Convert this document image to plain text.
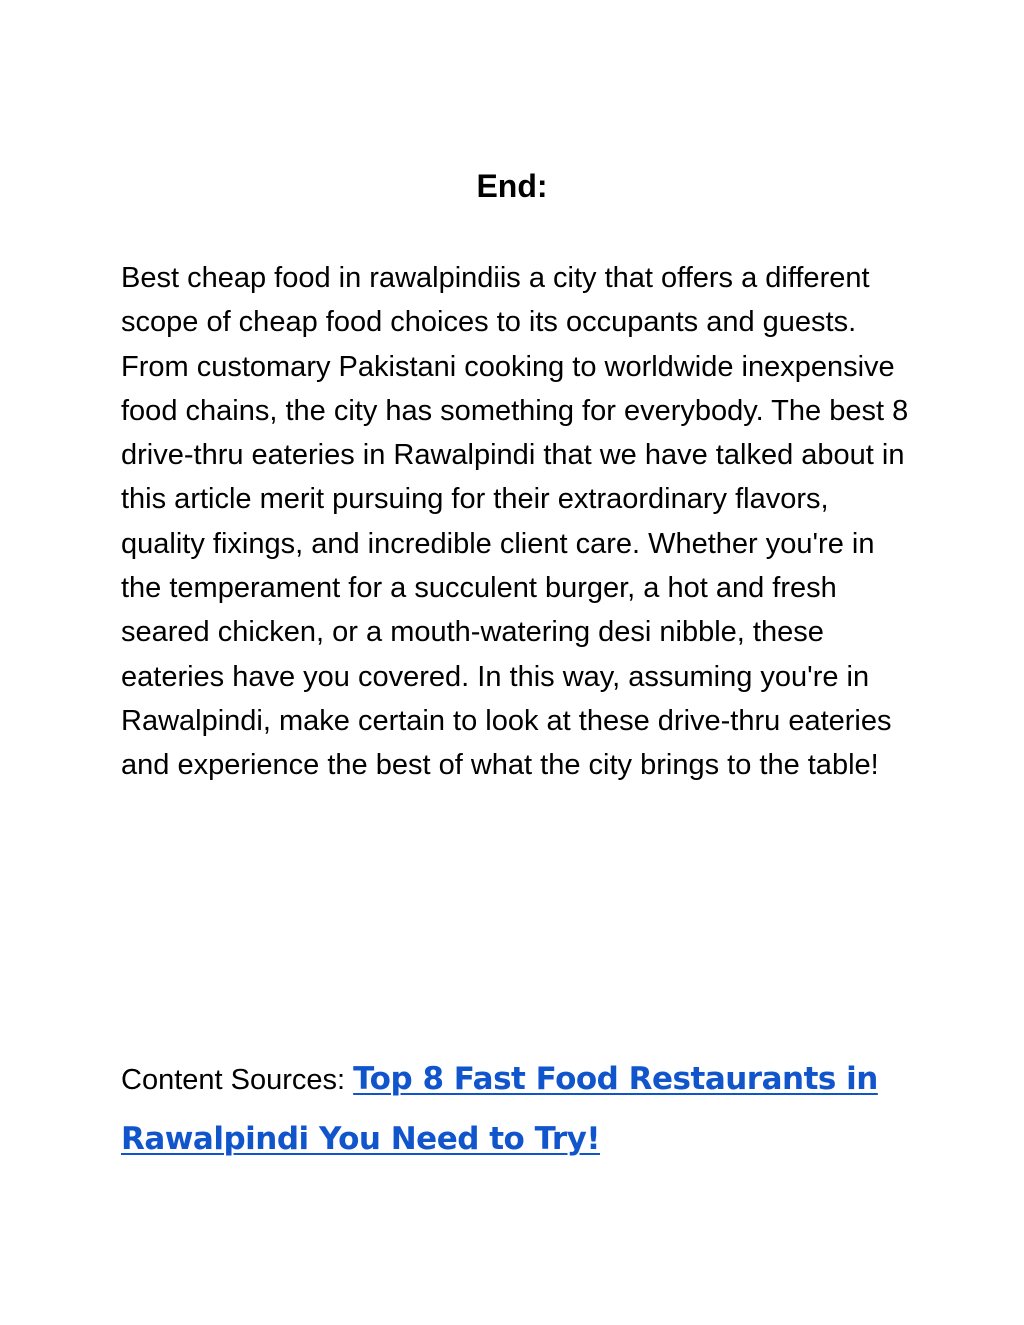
End:

Best cheap food in rawalpindiis a city that offers a different scope of cheap food choices to its occupants and guests. From customary Pakistani cooking to worldwide inexpensive food chains, the city has something for everybody. The best 8 drive-thru eateries in Rawalpindi that we have talked about in this article merit pursuing for their extraordinary flavors, quality fixings, and incredible client care. Whether you're in the temperament for a succulent burger, a hot and fresh seared chicken, or a mouth-watering desi nibble, these eateries have you covered. In this way, assuming you're in Rawalpindi, make certain to look at these drive-thru eateries and experience the best of what the city brings to the table!

Content Sources: Top 8 Fast Food Restaurants in Rawalpindi You Need to Try!
